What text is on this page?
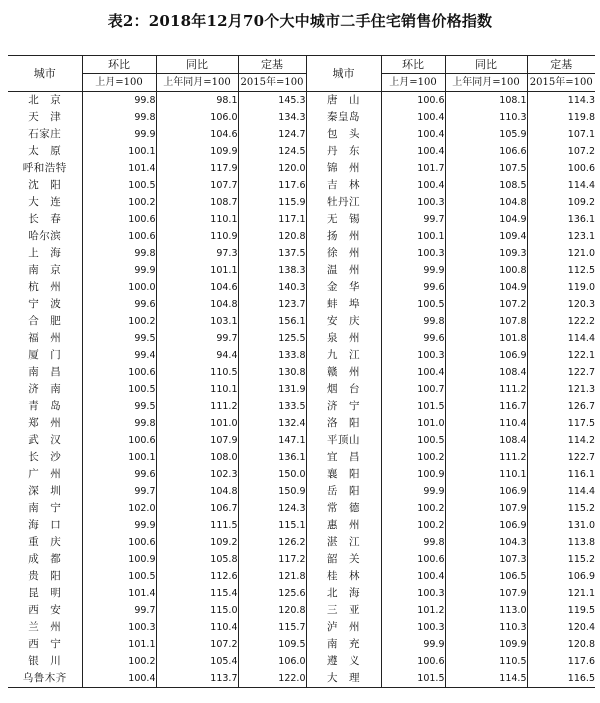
表2：2018年12月70个大中城市二手住宅销售价格指数
城市	环比	同比	定基	城市	环比	同比	定基
	上月=100	上年同月=100	2015年=100		上月=100	上年同月=100	2015年=100
北　京	99.8	98.1	145.3	唐　山	100.6	108.1	114.3
天　津	99.8	106.0	134.3	秦皇岛	100.4	110.3	119.8
石家庄	99.9	104.6	124.7	包　头	100.4	105.9	107.1
太　原	100.1	109.9	124.5	丹　东	100.4	106.6	107.2
呼和浩特	101.4	117.9	120.0	锦　州	101.7	107.5	100.6
沈　阳	100.5	107.7	117.6	吉　林	100.4	108.5	114.4
大　连	100.2	108.7	115.9	牡丹江	100.3	104.8	109.2
长　春	100.6	110.1	117.1	无　锡	99.7	104.9	136.1
哈尔滨	100.6	110.9	120.8	扬　州	100.1	109.4	123.1
上　海	99.8	97.3	137.5	徐　州	100.3	109.3	121.0
南　京	99.9	101.1	138.3	温　州	99.9	100.8	112.5
杭　州	100.0	104.6	140.3	金　华	99.6	104.9	119.0
宁　波	99.6	104.8	123.7	蚌　埠	100.5	107.2	120.3
合　肥	100.2	103.1	156.1	安　庆	99.8	107.8	122.2
福　州	99.5	99.7	125.5	泉　州	99.6	101.8	114.4
厦　门	99.4	94.4	133.8	九　江	100.3	106.9	122.1
南　昌	100.6	110.5	130.8	赣　州	100.4	108.4	122.7
济　南	100.5	110.1	131.9	烟　台	100.7	111.2	121.3
青　岛	99.5	111.2	133.5	济　宁	101.5	116.7	126.7
郑　州	99.8	101.0	132.4	洛　阳	101.0	110.4	117.5
武　汉	100.6	107.9	147.1	平顶山	100.5	108.4	114.2
长　沙	100.1	108.0	136.1	宜　昌	100.2	111.2	122.7
广　州	99.6	102.3	150.0	襄　阳	100.9	110.1	116.1
深　圳	99.7	104.8	150.9	岳　阳	99.9	106.9	114.4
南　宁	102.0	106.7	124.3	常　德	100.2	107.9	115.2
海　口	99.9	111.5	115.1	惠　州	100.2	106.9	131.0
重　庆	100.6	109.2	126.2	湛　江	99.8	104.3	113.8
成　都	100.9	105.8	117.2	韶　关	100.6	107.3	115.2
贵　阳	100.5	112.6	121.8	桂　林	100.4	106.5	106.9
昆　明	101.4	115.4	125.6	北　海	100.3	107.9	121.1
西　安	99.7	115.0	120.8	三　亚	101.2	113.0	119.5
兰　州	100.3	110.4	115.7	泸　州	100.3	110.3	120.4
西　宁	101.1	107.2	109.5	南　充	99.9	109.9	120.8
银　川	100.2	105.4	106.0	遵　义	100.6	110.5	117.6
乌鲁木齐	100.4	113.7	122.0	大　理	101.5	114.5	116.5
